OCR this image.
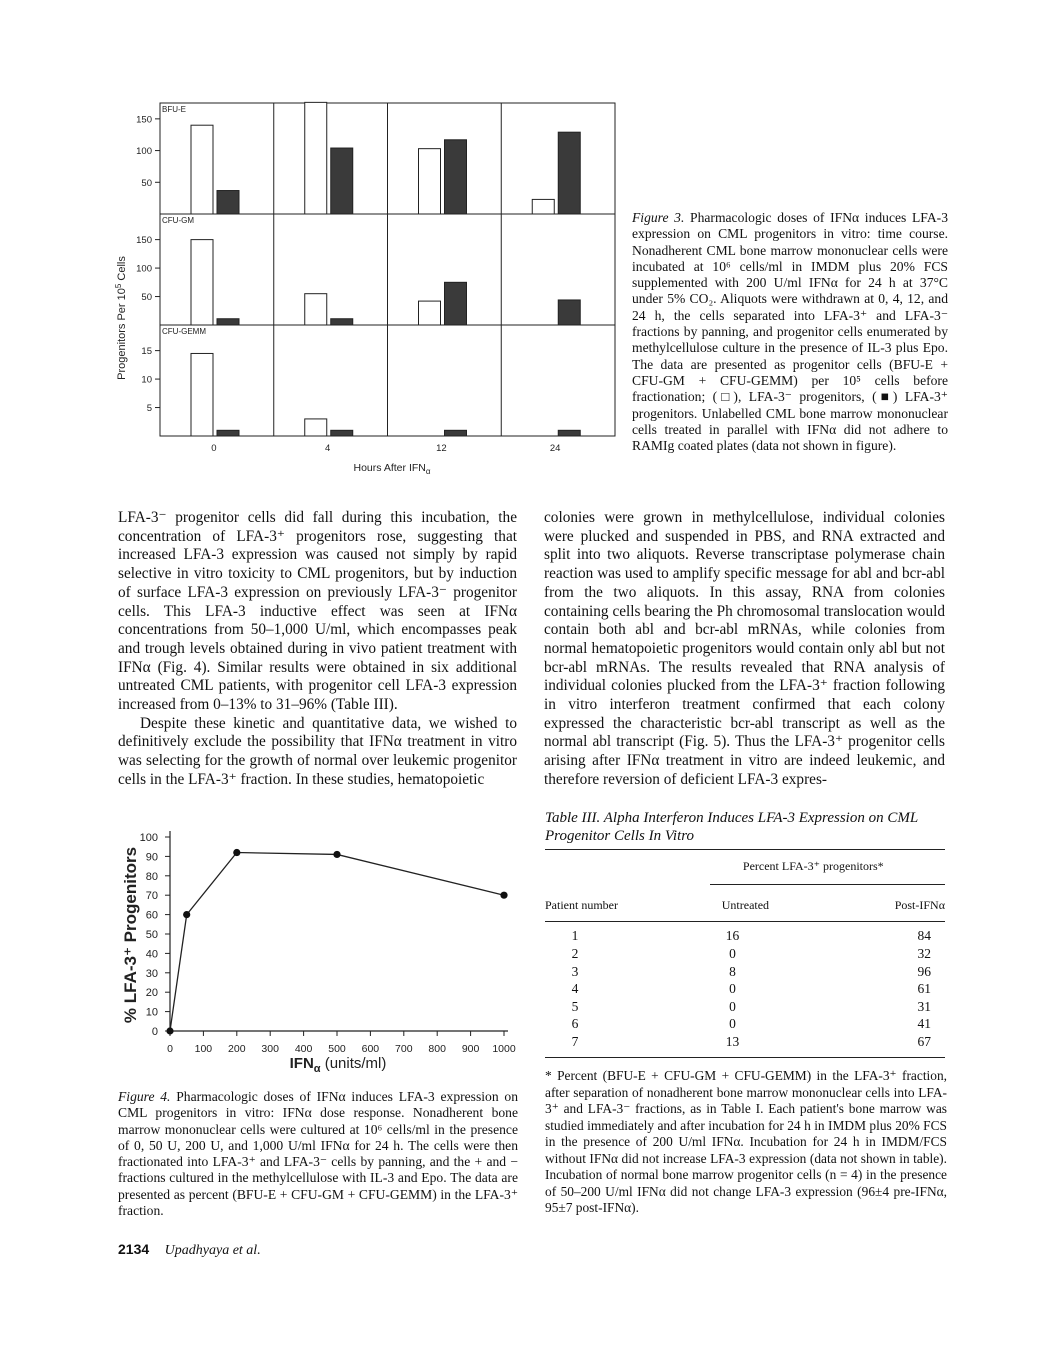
Progenitors Per $10^5$ Cells
BFU-E
150
100
50
CFU-GM
150
100
50
CFU-GEMM
15
10
5
0	4	12	24
Hours After $IFN_\alpha$
Figure 3. Pharmacologic doses of IFNα induces LFA-3 expression on CML progenitors in vitro: time course. Nonadherent CML bone marrow mononuclear cells were incubated at 10⁶ cells/ml in IMDM plus 20% FCS supplemented with 200 U/ml IFNα for 24 h at 37°C under 5% CO₂. Aliquots were withdrawn at 0, 4, 12, and 24 h, the cells separated into LFA-3⁺ and LFA-3⁻ fractions by panning, and progenitor cells enumerated by methylcellulose culture in the presence of IL-3 plus Epo. The data are presented as progenitor cells (BFU-E + CFU-GM + CFU-GEMM) per 10⁵ cells before fractionation; (□), LFA-3⁻ progenitors, (■) LFA-3⁺ progenitors. Unlabelled CML bone marrow mononuclear cells treated in parallel with IFNα did not adhere to RAMIg coated plates (data not shown in figure).

LFA-3⁻ progenitor cells did fall during this incubation, the concentration of LFA-3⁺ progenitors rose, suggesting that increased LFA-3 expression was caused not simply by rapid selective in vitro toxicity to CML progenitors, but by induction of surface LFA-3 expression on previously LFA-3⁻ progenitor cells. This LFA-3 inductive effect was seen at IFNα concentrations from 50–1,000 U/ml, which encompasses peak and trough levels obtained during in vivo patient treatment with IFNα (Fig. 4). Similar results were obtained in six additional untreated CML patients, with progenitor cell LFA-3 expression increased from 0–13% to 31–96% (Table III).

Despite these kinetic and quantitative data, we wished to definitively exclude the possibility that IFNα treatment in vitro was selecting for the growth of normal over leukemic progenitor cells in the LFA-3⁺ fraction. In these studies, hematopoietic

colonies were grown in methylcellulose, individual colonies were plucked and suspended in PBS, and RNA extracted and split into two aliquots. Reverse transcriptase polymerase chain reaction was used to amplify specific message for abl and bcr-abl from the two aliquots. In this assay, RNA from colonies containing cells bearing the Ph chromosomal translocation would contain both abl and bcr-abl mRNAs, while colonies from normal hematopoietic progenitors would contain only abl but not bcr-abl mRNAs. The results revealed that RNA analysis of individual colonies plucked from the LFA-3⁺ fraction following in vitro interferon treatment confirmed that each colony expressed the characteristic bcr-abl transcript as well as the normal abl transcript (Fig. 5). Thus the LFA-3⁺ progenitor cells arising after IFNα treatment in vitro are indeed leukemic, and therefore reversion of deficient LFA-3 expres-

% LFA-3⁺ Progenitors
0
10
20
30
40
50
60
70
80
90
100
0 100 200 300 400 500 600 700 800 900 1000
$IFN_\alpha$ (units/ml)
Figure 4. Pharmacologic doses of IFNα induces LFA-3 expression on CML progenitors in vitro: IFNα dose response. Nonadherent bone marrow mononuclear cells were cultured at 10⁶ cells/ml in the presence of 0, 50 U, 200 U, and 1,000 U/ml IFNα for 24 h. The cells were then fractionated into LFA-3⁺ and LFA-3⁻ cells by panning, and the + and − fractions cultured in the methylcellulose with IL-3 and Epo. The data are presented as percent (BFU-E + CFU-GM + CFU-GEMM) in the LFA-3⁺ fraction.
Table III. Alpha Interferon Induces LFA-3 Expression on CML Progenitor Cells In Vitro
	Percent LFA-3⁺ progenitors*	

Patient number	Untreated	Post-IFNα
1	16	84
2	0	32
3	8	96
4	0	61
5	0	31
6	0	41
7	13	67
* Percent (BFU-E + CFU-GM + CFU-GEMM) in the LFA-3⁺ fraction, after separation of nonadherent bone marrow mononuclear cells into LFA-3⁺ and LFA-3⁻ fractions, as in Table I. Each patient's bone marrow was studied immediately and after incubation for 24 h in IMDM plus 20% FCS in the presence of 200 U/ml IFNα. Incubation for 24 h in IMDM/FCS without IFNα did not increase LFA-3 expression (data not shown in table). Incubation of normal bone marrow progenitor cells (n = 4) in the presence of 50–200 U/ml IFNα did not change LFA-3 expression (96±4 pre-IFNα, 95±7 post-IFNα).
2134 Upadhyaya et al.
